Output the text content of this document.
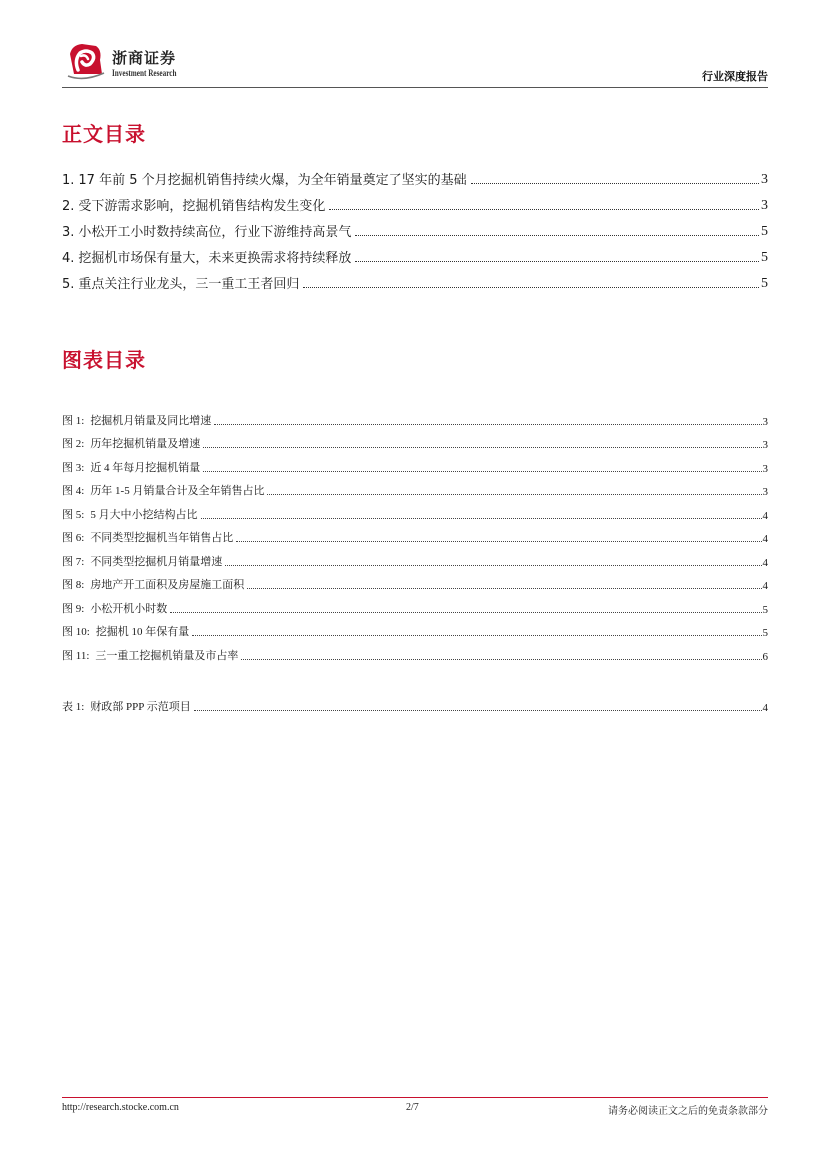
浙商证券
Investment Research	行业深度报告
正文目录
1. 17 年前 5 个月挖掘机销售持续火爆，为全年销量奠定了坚实的基础	3
2. 受下游需求影响，挖掘机销售结构发生变化	3
3. 小松开工小时数持续高位，行业下游维持高景气	5
4. 挖掘机市场保有量大，未来更换需求将持续释放	5
5. 重点关注行业龙头，三一重工王者回归	5
图表目录
图 1: 挖掘机月销量及同比增速	3
图 2: 历年挖掘机销量及增速	3
图 3: 近 4 年每月挖掘机销量	3
图 4: 历年 1-5 月销量合计及全年销售占比	3
图 5: 5 月大中小挖结构占比	4
图 6: 不同类型挖掘机当年销售占比	4
图 7: 不同类型挖掘机月销量增速	4
图 8: 房地产开工面积及房屋施工面积	4
图 9: 小松开机小时数	5
图 10: 挖掘机 10 年保有量	5
图 11: 三一重工挖掘机销量及市占率	6
表 1: 财政部 PPP 示范项目	4
http://research.stocke.com.cn	2/7	请务必阅读正文之后的免责条款部分
